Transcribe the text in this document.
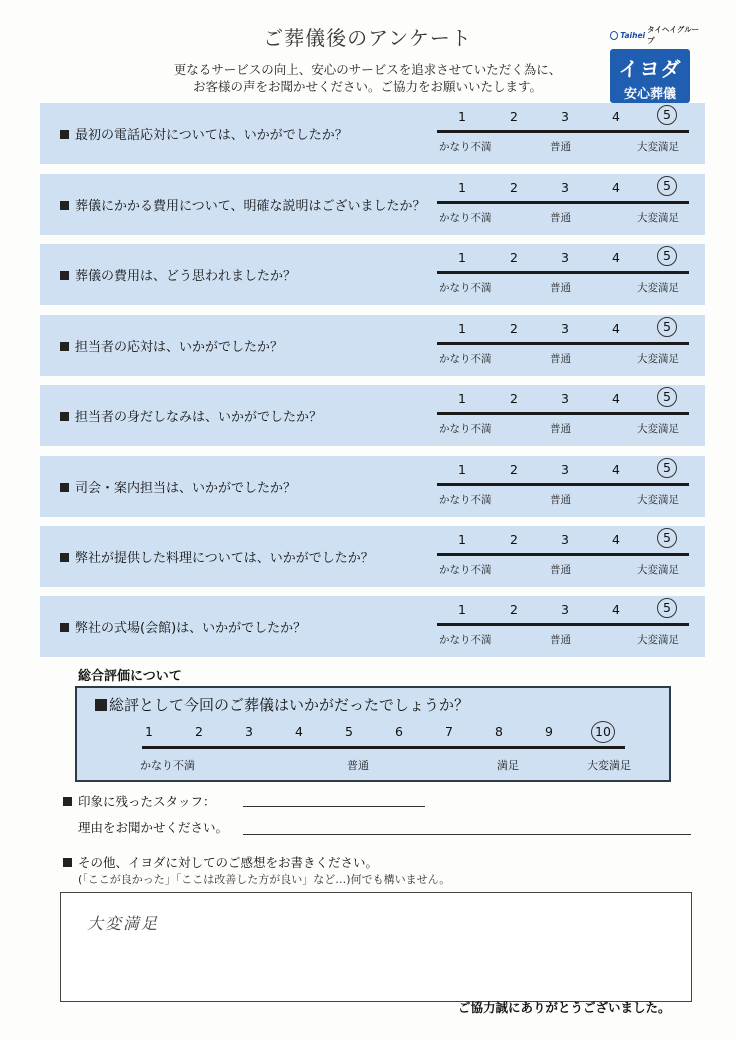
ご葬儀後のアンケート
更なるサービスの向上、安心のサービスを追求させていただく為に、
お客様の声をお聞かせください。ご協力をお願いいたします。
Taihei
タイヘイグループ
イヨダ
安心葬儀
最初の電話応対については、いかがでしたか？
1	2	3	4	5
かなり不満	普通	大変満足
葬儀にかかる費用について、明確な説明はございましたか？
1	2	3	4	5
かなり不満	普通	大変満足
葬儀の費用は、どう思われましたか？
1	2	3	4	5
かなり不満	普通	大変満足
担当者の応対は、いかがでしたか？
1	2	3	4	5
かなり不満	普通	大変満足
担当者の身だしなみは、いかがでしたか？
1	2	3	4	5
かなり不満	普通	大変満足
司会・案内担当は、いかがでしたか？
1	2	3	4	5
かなり不満	普通	大変満足
弊社が提供した料理については、いかがでしたか？
1	2	3	4	5
かなり不満	普通	大変満足
弊社の式場(会館)は、いかがでしたか？
1	2	3	4	5
かなり不満	普通	大変満足
総合評価について
総評として今回のご葬儀はいかがだったでしょうか？
かなり不満	普通	満足	大変満足
1	2	3	4	5	6	7	8	9	10
印象に残ったスタッフ：
理由をお聞かせください。
その他、イヨダに対してのご感想をお書きください。
(「ここが良かった」「ここは改善した方が良い」など…)何でも構いません。
大変満足
ご協力誠にありがとうございました。
